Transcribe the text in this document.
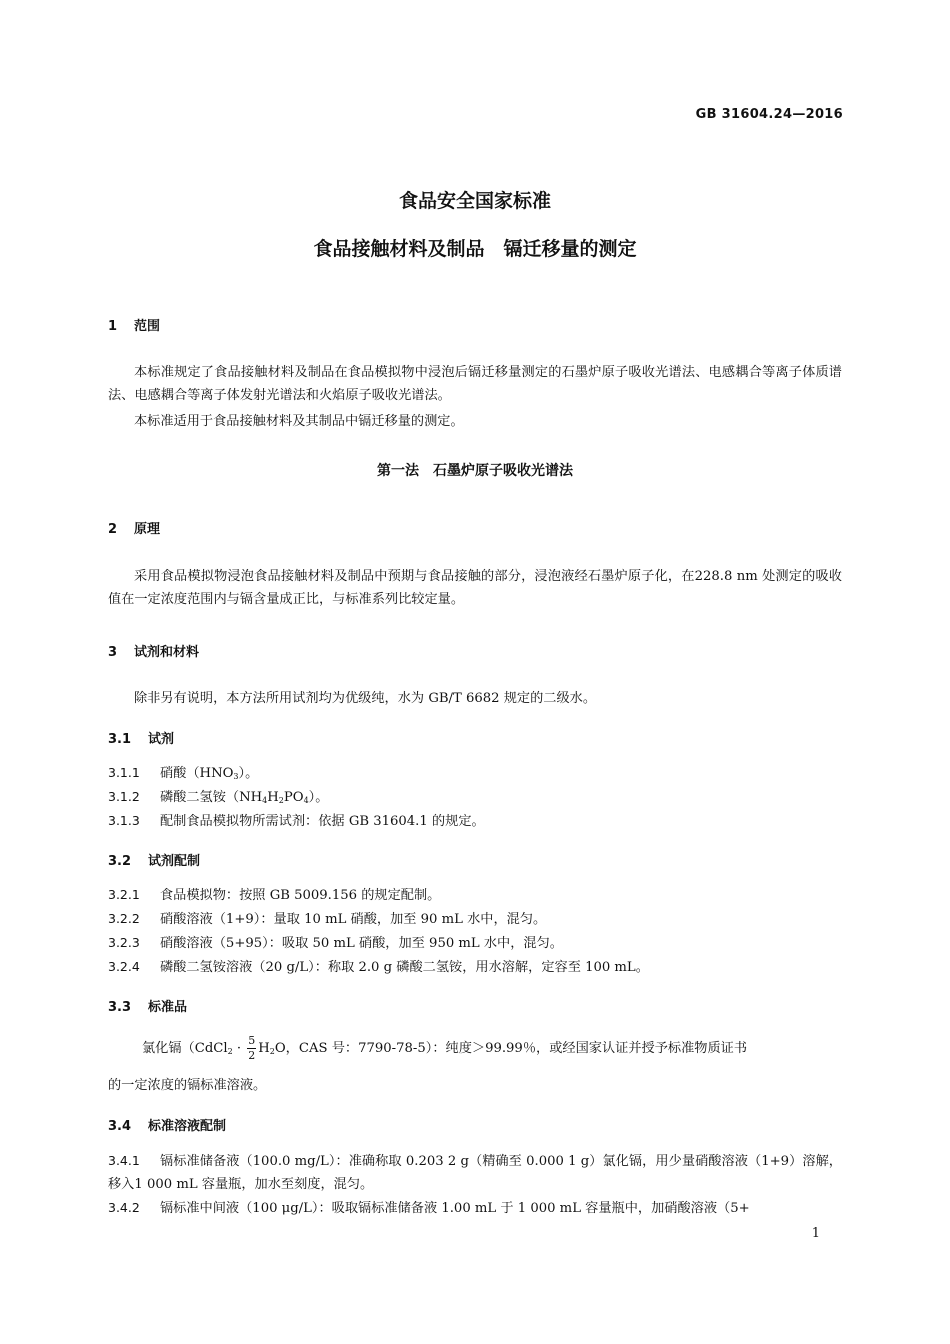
GB 31604.24—2016
食品安全国家标准
食品接触材料及制品　镉迁移量的测定
1 范围
本标准规定了食品接触材料及制品在食品模拟物中浸泡后镉迁移量测定的石墨炉原子吸收光谱法、电感耦合等离子体质谱法、电感耦合等离子体发射光谱法和火焰原子吸收光谱法。
本标准适用于食品接触材料及其制品中镉迁移量的测定。
第一法　石墨炉原子吸收光谱法
2 原理
采用食品模拟物浸泡食品接触材料及制品中预期与食品接触的部分，浸泡液经石墨炉原子化，在228.8 nm 处测定的吸收值在一定浓度范围内与镉含量成正比，与标准系列比较定量。
3 试剂和材料
除非另有说明，本方法所用试剂均为优级纯，水为 GB/T 6682 规定的二级水。
3.1 试剂
3.1.1 硝酸$(HNO_3)$。
3.1.2 磷酸二氢铵$(NH_4H_2PO_4)$。
3.1.3 配制食品模拟物所需试剂：依据 GB 31604.1 的规定。
3.2 试剂配制
3.2.1 食品模拟物：按照 GB 5009.156 的规定配制。
3.2.2 硝酸溶液（1+9）：量取 10 mL 硝酸，加至 90 mL 水中，混匀。
3.2.3 硝酸溶液（5+95）：吸取 50 mL 硝酸，加至 950 mL 水中，混匀。
3.2.4 磷酸二氢铵溶液（20 g/L）：称取 2.0 g 磷酸二氢铵，用水溶解，定容至 100 mL。
3.3 标准品
氯化镉（CdCl$_2$ · $\frac{5}{2} H_2O$，CAS 号：7790-78-5）：纯度＞99.99％，或经国家认证并授予标准物质证书
的一定浓度的镉标准溶液。
3.4 标准溶液配制
3.4.1 镉标准储备液（100.0 mg/L）：准确称取 0.203 2 g（精确至 0.000 1 g）氯化镉，用少量硝酸溶液（1+9）溶解，移入1 000 mL 容量瓶，加水至刻度，混匀。
3.4.2 镉标准中间液（100 μg/L）：吸取镉标准储备液 1.00 mL 于 1 000 mL 容量瓶中，加硝酸溶液（5+
1
